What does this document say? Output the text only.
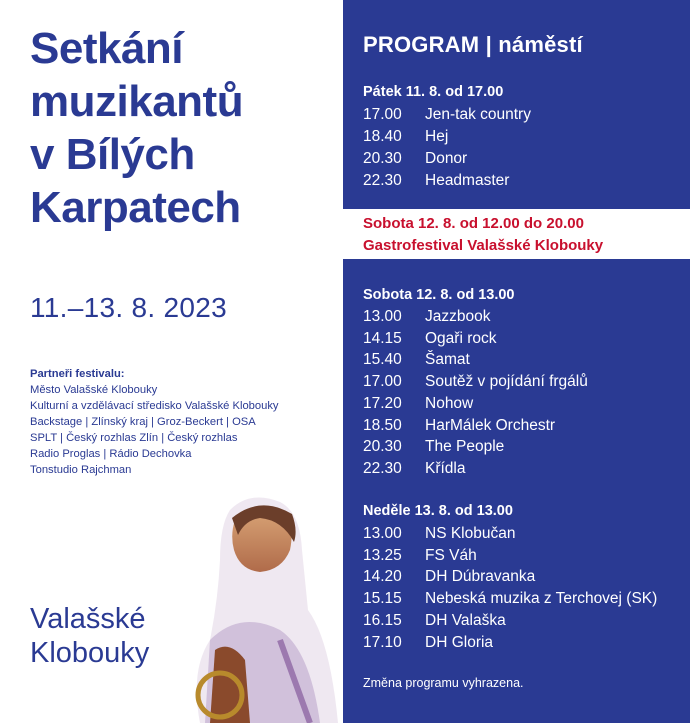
Setkání
muzikantů
v Bílých
Karpatech
11.–13. 8. 2023
Partneři festivalu:
Město Valašské Klobouky
Kulturní a vzdělávací středisko Valašské Klobouky
Backstage | Zlínský kraj | Groz-Beckert | OSA
SPLT | Český rozhlas Zlín | Český rozhlas
Radio Proglas | Rádio Dechovka
Tonstudio Rajchman
Valašské
Klobouky
PROGRAM | náměstí
Pátek 11. 8. od 17.00
17.00 Jen-tak country
18.40 Hej
20.30 Donor
22.30 Headmaster
Sobota 12. 8. od 13.00
13.00 Jazzbook
14.15 Ogaři rock
15.40 Šamat
17.00 Soutěž v pojídání frgálů
17.20 Nohow
18.50 HarMálek Orchestr
20.30 The People
22.30 Křídla
Neděle 13. 8. od 13.00
13.00 NS Klobučan
13.25 FS Váh
14.20 DH Dúbravanka
15.15 Nebeská muzika z Terchovej (SK)
16.15 DH Valaška
17.10 DH Gloria
Změna programu vyhrazena.
Sobota 12. 8. od 12.00 do 20.00
Gastrofestival Valašské Klobouky
